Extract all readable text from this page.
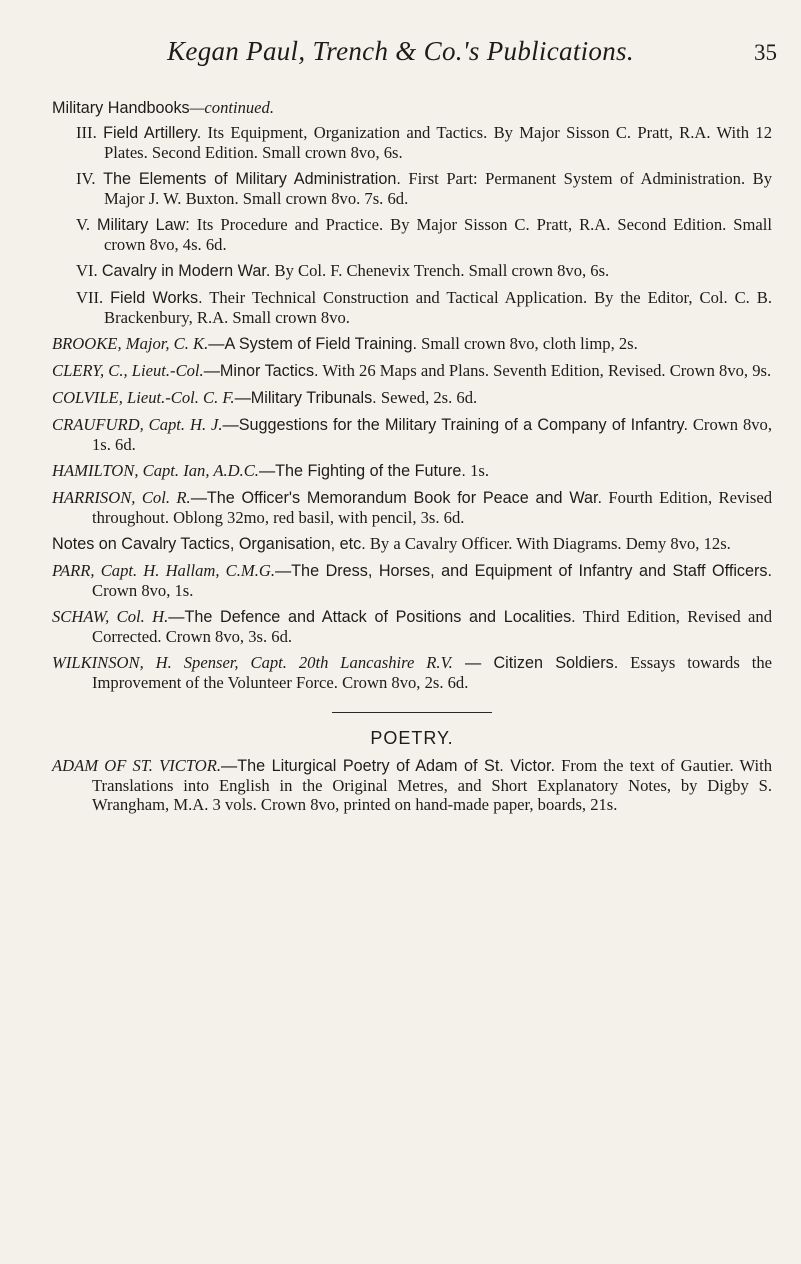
Kegan Paul, Trench & Co.'s Publications.	35

Military Handbooks—continued.

III. Field Artillery. Its Equipment, Organization and Tactics. By Major Sisson C. Pratt, R.A. With 12 Plates. Second Edition. Small crown 8vo, 6s.

IV. The Elements of Military Administration. First Part: Permanent System of Administration. By Major J. W. Buxton. Small crown 8vo. 7s. 6d.

V. Military Law: Its Procedure and Practice. By Major Sisson C. Pratt, R.A. Second Edition. Small crown 8vo, 4s. 6d.

VI. Cavalry in Modern War. By Col. F. Chenevix Trench. Small crown 8vo, 6s.

VII. Field Works. Their Technical Construction and Tactical Application. By the Editor, Col. C. B. Brackenbury, R.A. Small crown 8vo.

BROOKE, Major, C. K.—A System of Field Training. Small crown 8vo, cloth limp, 2s.

CLERY, C., Lieut.-Col.—Minor Tactics. With 26 Maps and Plans. Seventh Edition, Revised. Crown 8vo, 9s.

COLVILE, Lieut.-Col. C. F.—Military Tribunals. Sewed, 2s. 6d.

CRAUFURD, Capt. H. J.—Suggestions for the Military Training of a Company of Infantry. Crown 8vo, 1s. 6d.

HAMILTON, Capt. Ian, A.D.C.—The Fighting of the Future. 1s.

HARRISON, Col. R.—The Officer's Memorandum Book for Peace and War. Fourth Edition, Revised throughout. Oblong 32mo, red basil, with pencil, 3s. 6d.

Notes on Cavalry Tactics, Organisation, etc. By a Cavalry Officer. With Diagrams. Demy 8vo, 12s.

PARR, Capt. H. Hallam, C.M.G.—The Dress, Horses, and Equipment of Infantry and Staff Officers. Crown 8vo, 1s.

SCHAW, Col. H.—The Defence and Attack of Positions and Localities. Third Edition, Revised and Corrected. Crown 8vo, 3s. 6d.

WILKINSON, H. Spenser, Capt. 20th Lancashire R.V. — Citizen Soldiers. Essays towards the Improvement of the Volunteer Force. Crown 8vo, 2s. 6d.

POETRY.

ADAM OF ST. VICTOR.—The Liturgical Poetry of Adam of St. Victor. From the text of Gautier. With Translations into English in the Original Metres, and Short Explanatory Notes, by Digby S. Wrangham, M.A. 3 vols. Crown 8vo, printed on hand-made paper, boards, 21s.
